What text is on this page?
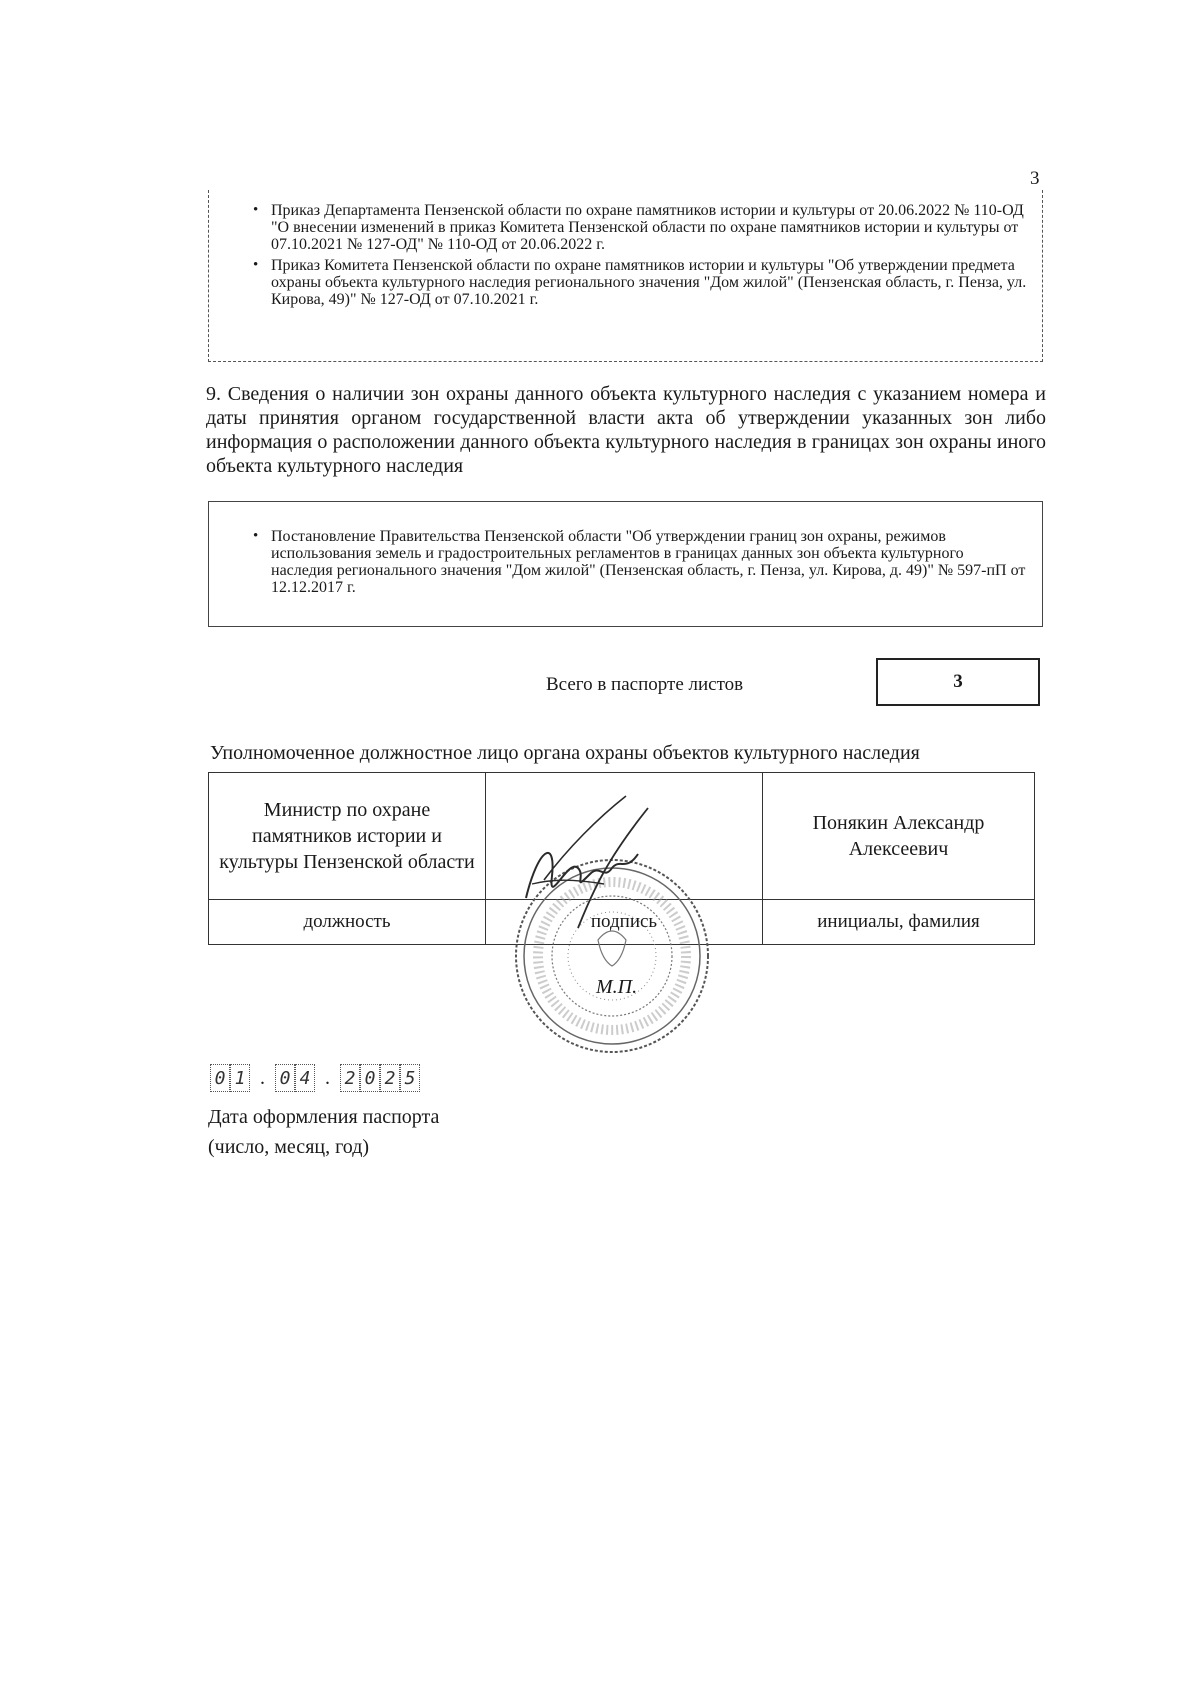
3
• Приказ Департамента Пензенской области по охране памятников истории и культуры от 20.06.2022 № 110-ОД "О внесении изменений в приказ Комитета Пензенской области по охране памятников истории и культуры от 07.10.2021 № 127-ОД" № 110-ОД от 20.06.2022 г.
• Приказ Комитета Пензенской области по охране памятников истории и культуры "Об утверждении предмета охраны объекта культурного наследия регионального значения "Дом жилой" (Пензенская область, г. Пенза, ул. Кирова, 49)" № 127-ОД от 07.10.2021 г.
9. Сведения о наличии зон охраны данного объекта культурного наследия с указанием номера и даты принятия органом государственной власти акта об утверждении указанных зон либо информация о расположении данного объекта культурного наследия в границах зон охраны иного объекта культурного наследия
• Постановление Правительства Пензенской области "Об утверждении границ зон охраны, режимов использования земель и градостроительных регламентов в границах данных зон объекта культурного наследия регионального значения "Дом жилой" (Пензенская область, г. Пенза, ул. Кирова, д. 49)" № 597-пП от 12.12.2017 г.
Всего в паспорте листов	3
Уполномоченное должностное лицо органа охраны объектов культурного наследия
Министр по охране памятников истории и культуры Пензенской области		Понякин Александр Алексеевич
должность	подпись	инициалы, фамилия
М.П.
0 1 . 0 4 . 2 0 2 5
Дата оформления паспорта
(число, месяц, год)
